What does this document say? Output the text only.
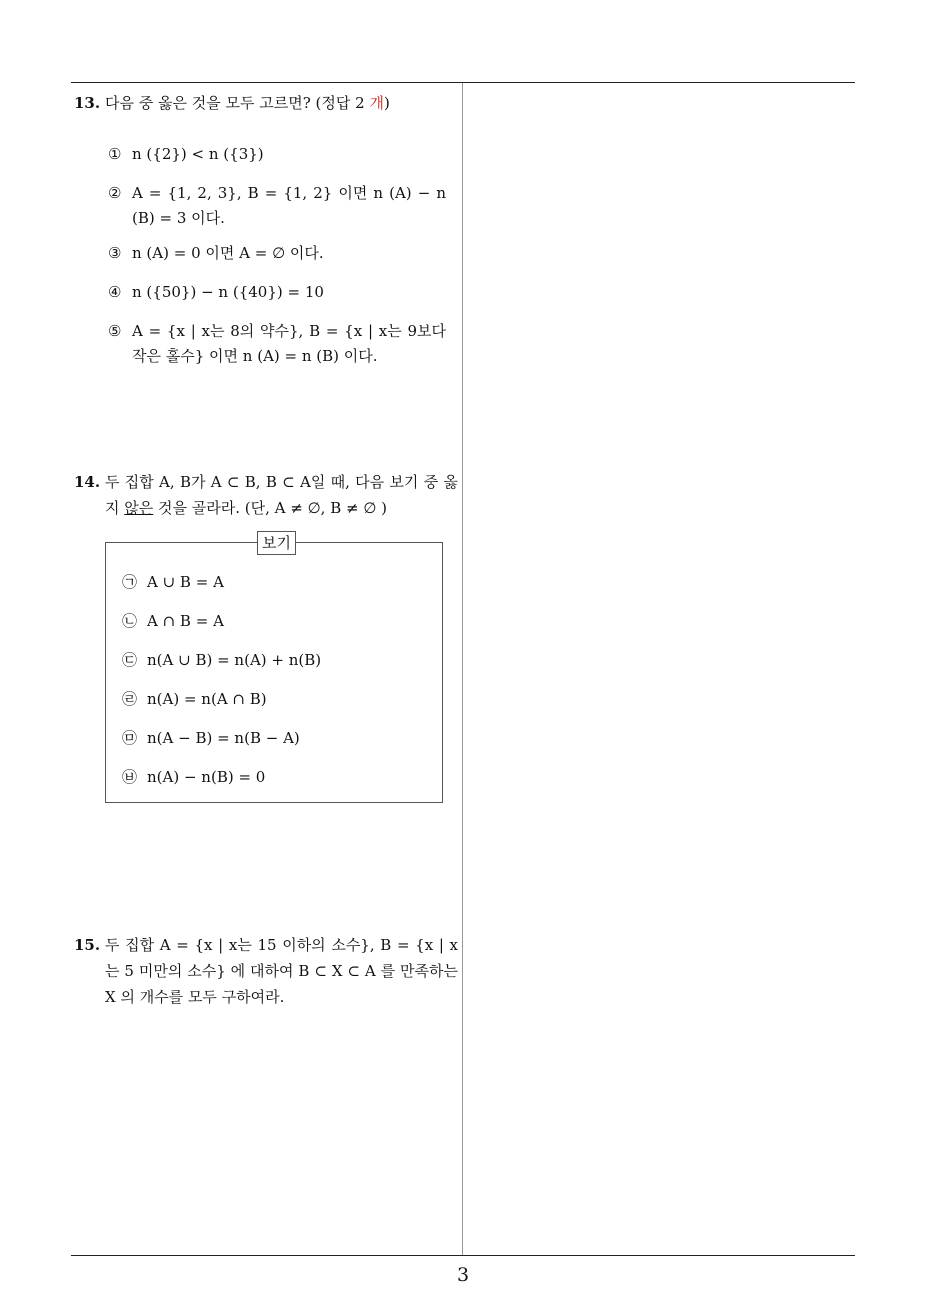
13. 다음 중 옳은 것을 모두 고르면? (정답 2 개)
① n ({2}) < n ({3})
② A = {1, 2, 3}, B = {1, 2} 이면 n (A) − n (B) = 3 이다.
③ n (A) = 0 이면 A = ∅ 이다.
④ n ({50}) − n ({40}) = 10
⑤ A = {x | x는 8의 약수}, B = {x | x는 9보다 작은 홀수} 이면 n (A) = n (B) 이다.
14. 두 집합 A, B가 A ⊂ B, B ⊂ A일 때, 다음 보기 중 옳지 않은 것을 골라라. (단, A ≠ ∅, B ≠ ∅ )
보기
㉠ A ∪ B = A
㉡ A ∩ B = A
㉢ n(A ∪ B) = n(A) + n(B)
㉣ n(A) = n(A ∩ B)
㉤ n(A − B) = n(B − A)
㉥ n(A) − n(B) = 0
15. 두 집합 A = {x | x는 15 이하의 소수}, B = {x | x는 5 미만의 소수} 에 대하여 B ⊂ X ⊂ A 를 만족하는 X 의 개수를 모두 구하여라.
3
